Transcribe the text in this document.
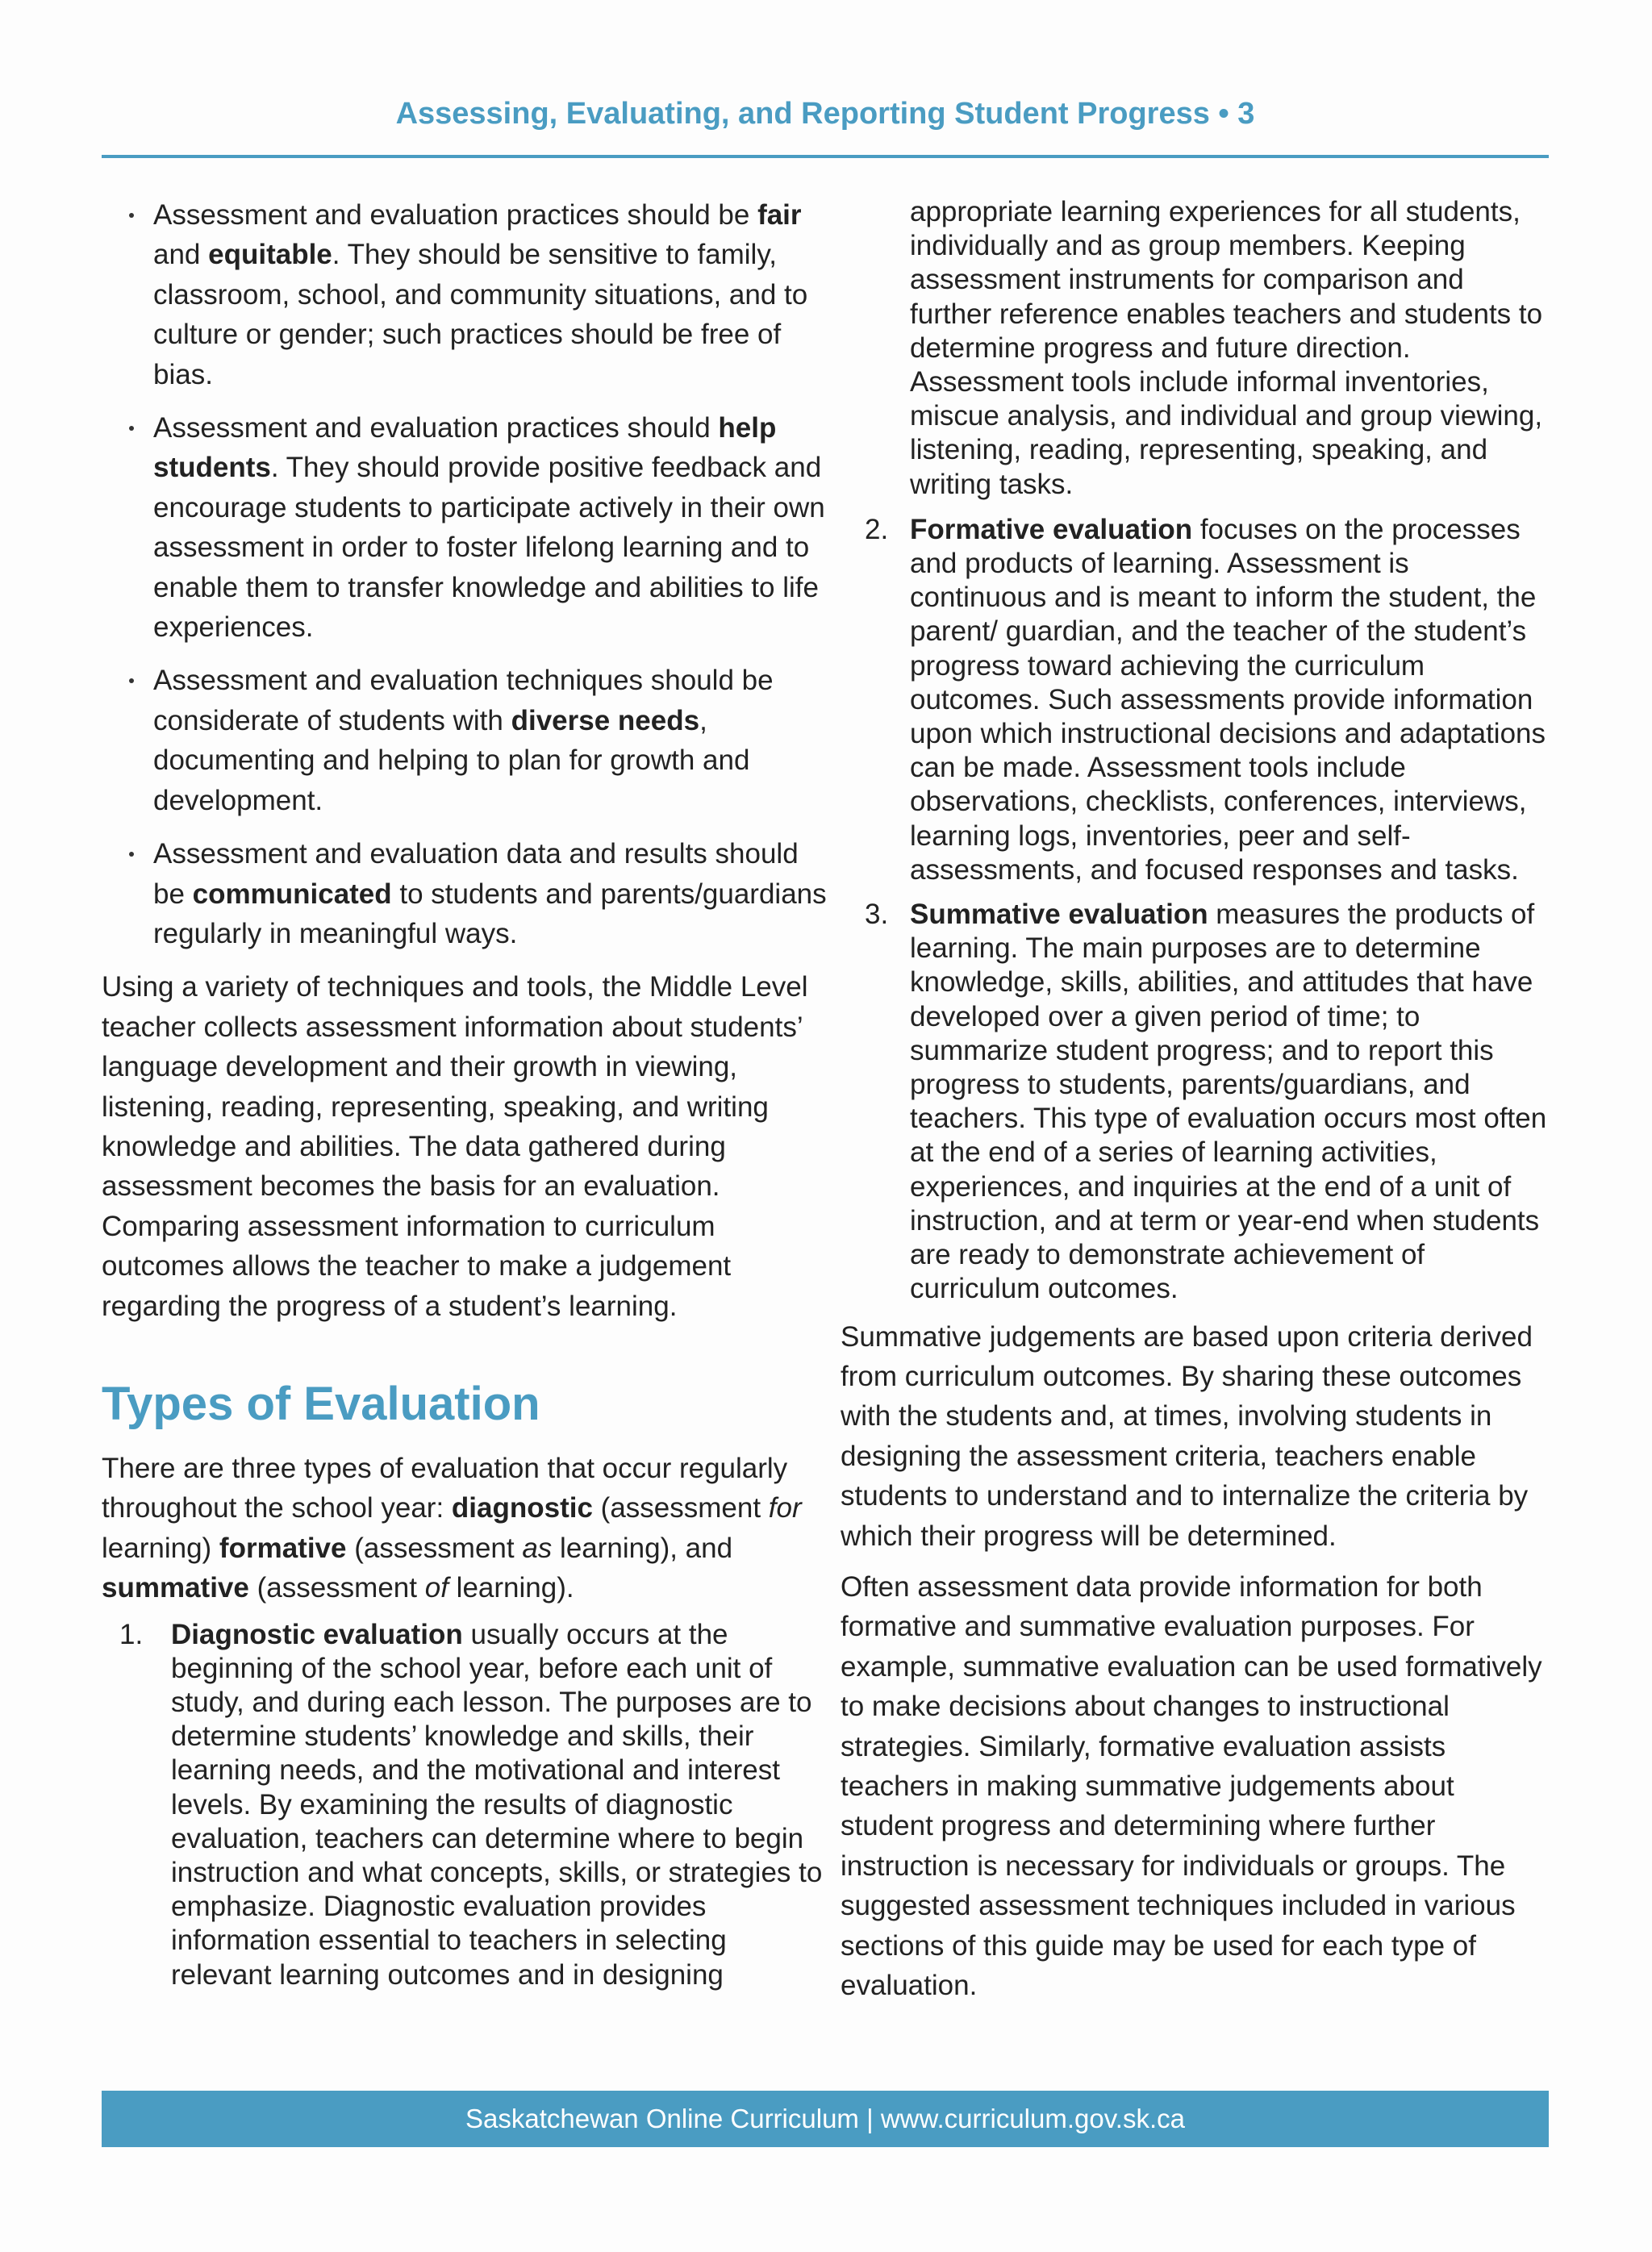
Assessing, Evaluating, and Reporting Student Progress • 3
Assessment and evaluation practices should be fair and equitable. They should be sensitive to family, classroom, school, and community situations, and to culture or gender; such practices should be free of bias.
Assessment and evaluation practices should help students. They should provide positive feedback and encourage students to participate actively in their own assessment in order to foster lifelong learning and to enable them to transfer knowledge and abilities to life experiences.
Assessment and evaluation techniques should be considerate of students with diverse needs, documenting and helping to plan for growth and development.
Assessment and evaluation data and results should be communicated to students and parents/guardians regularly in meaningful ways.

Using a variety of techniques and tools, the Middle Level teacher collects assessment information about students’ language development and their growth in viewing, listening, reading, representing, speaking, and writing knowledge and abilities. The data gathered during assessment becomes the basis for an evaluation. Comparing assessment information to curriculum outcomes allows the teacher to make a judgement regarding the progress of a student’s learning.

Types of Evaluation

There are three types of evaluation that occur regularly throughout the school year: diagnostic (assessment for learning) formative (assessment as learning), and summative (assessment of learning).

1. Diagnostic evaluation usually occurs at the beginning of the school year, before each unit of study, and during each lesson. The purposes are to determine students’ knowledge and skills, their learning needs, and the motivational and interest levels. By examining the results of diagnostic evaluation, teachers can determine where to begin instruction and what concepts, skills, or strategies to emphasize. Diagnostic evaluation provides information essential to teachers in selecting relevant learning outcomes and in designing
appropriate learning experiences for all students, individually and as group members. Keeping assessment instruments for comparison and further reference enables teachers and students to determine progress and future direction. Assessment tools include informal inventories, miscue analysis, and individual and group viewing, listening, reading, representing, speaking, and writing tasks.
2. Formative evaluation focuses on the processes and products of learning. Assessment is continuous and is meant to inform the student, the parent/ guardian, and the teacher of the student’s progress toward achieving the curriculum outcomes. Such assessments provide information upon which instructional decisions and adaptations can be made. Assessment tools include observations, checklists, conferences, interviews, learning logs, inventories, peer and self-assessments, and focused responses and tasks.
3. Summative evaluation measures the products of learning. The main purposes are to determine knowledge, skills, abilities, and attitudes that have developed over a given period of time; to summarize student progress; and to report this progress to students, parents/guardians, and teachers. This type of evaluation occurs most often at the end of a series of learning activities, experiences, and inquiries at the end of a unit of instruction, and at term or year-end when students are ready to demonstrate achievement of curriculum outcomes.

Summative judgements are based upon criteria derived from curriculum outcomes. By sharing these outcomes with the students and, at times, involving students in designing the assessment criteria, teachers enable students to understand and to internalize the criteria by which their progress will be determined.

Often assessment data provide information for both formative and summative evaluation purposes. For example, summative evaluation can be used formatively to make decisions about changes to instructional strategies. Similarly, formative evaluation assists teachers in making summative judgements about student progress and determining where further instruction is necessary for individuals or groups. The suggested assessment techniques included in various sections of this guide may be used for each type of evaluation.

Saskatchewan Online Curriculum | www.curriculum.gov.sk.ca
